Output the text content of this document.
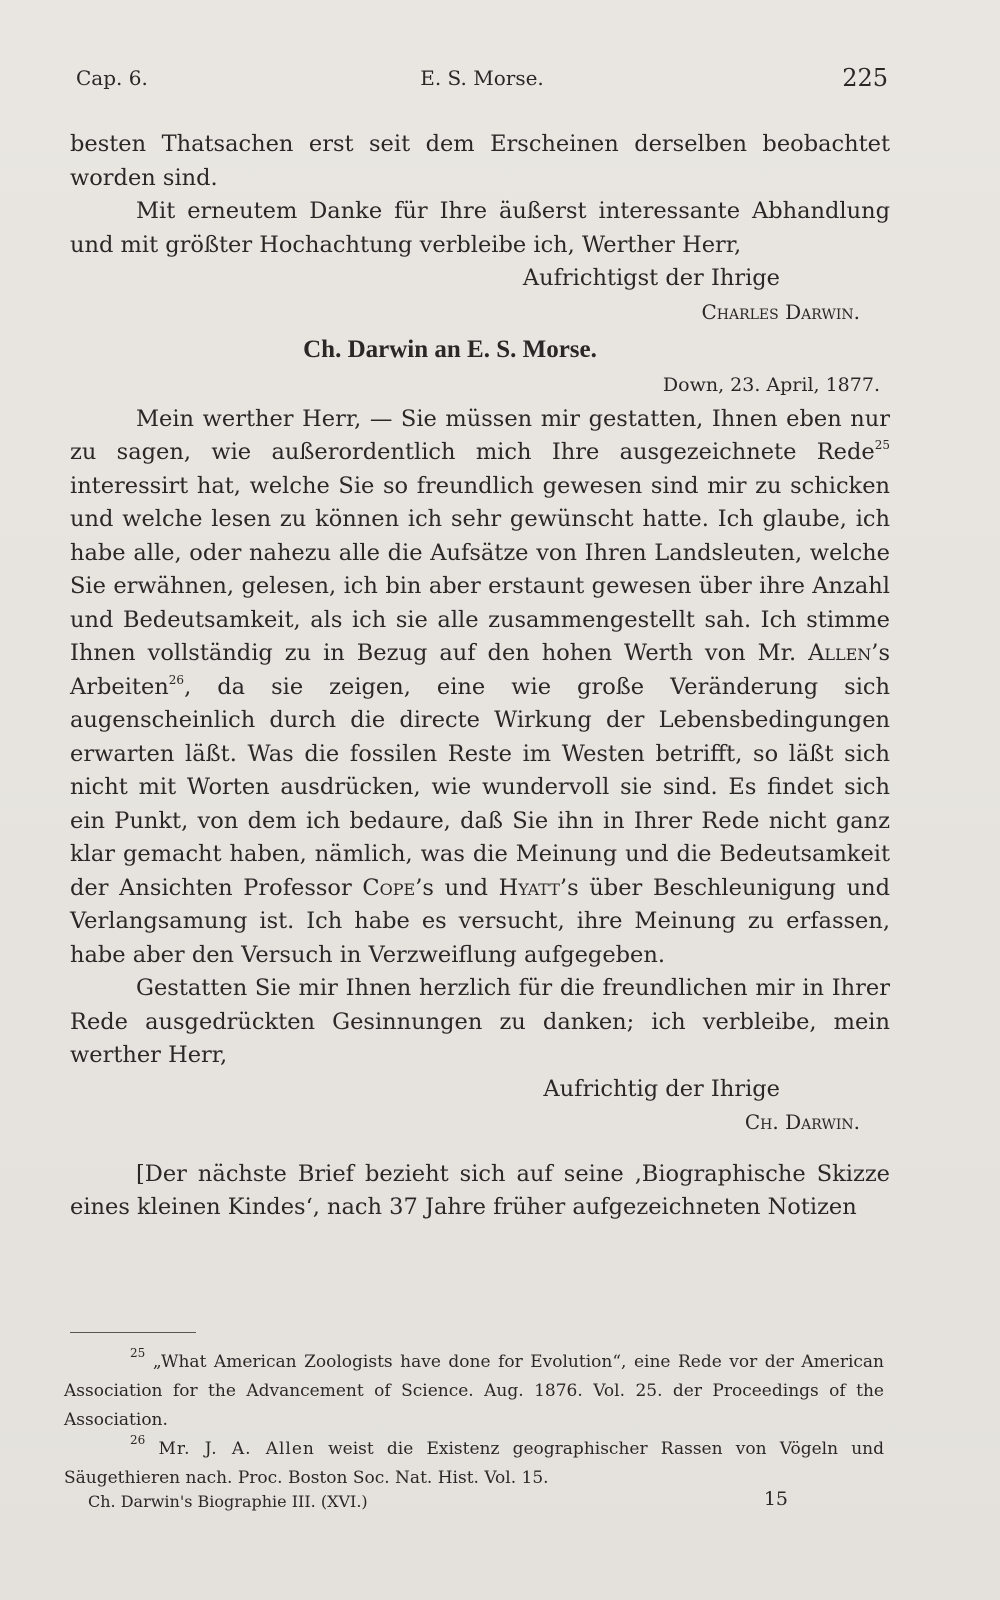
Cap. 6.	E. S. Morse.	225

besten Thatsachen erst seit dem Erscheinen derselben beobachtet worden sind.

Mit erneutem Danke für Ihre äußerst interessante Abhandlung und mit größter Hochachtung verbleibe ich, Werther Herr,

Aufrichtigst der Ihrige

Charles Darwin.

Ch. Darwin an E. S. Morse.

Down, 23. April, 1877.

Mein werther Herr, — Sie müssen mir gestatten, Ihnen eben nur zu sagen, wie außerordentlich mich Ihre ausgezeichnete Rede$^{25}$ interessirt hat, welche Sie so freundlich gewesen sind mir zu schicken und welche lesen zu können ich sehr gewünscht hatte. Ich glaube, ich habe alle, oder nahezu alle die Aufsätze von Ihren Landsleuten, welche Sie erwähnen, gelesen, ich bin aber erstaunt gewesen über ihre Anzahl und Bedeutsamkeit, als ich sie alle zusammengestellt sah. Ich stimme Ihnen vollständig zu in Bezug auf den hohen Werth von Mr. Allen’s Arbeiten$^{26}$, da sie zeigen, eine wie große Veränderung sich augenscheinlich durch die directe Wirkung der Lebensbedingungen erwarten läßt. Was die fossilen Reste im Westen betrifft, so läßt sich nicht mit Worten ausdrücken, wie wundervoll sie sind. Es findet sich ein Punkt, von dem ich bedaure, daß Sie ihn in Ihrer Rede nicht ganz klar gemacht haben, nämlich, was die Meinung und die Bedeutsamkeit der Ansichten Professor Cope’s und Hyatt’s über Beschleunigung und Verlangsamung ist. Ich habe es versucht, ihre Meinung zu erfassen, habe aber den Versuch in Verzweiflung aufgegeben.

Gestatten Sie mir Ihnen herzlich für die freundlichen mir in Ihrer Rede ausgedrückten Gesinnungen zu danken; ich verbleibe, mein werther Herr,

Aufrichtig der Ihrige

Ch. Darwin.

[Der nächste Brief bezieht sich auf seine ‚Biographische Skizze eines kleinen Kindes‘, nach 37 Jahre früher aufgezeichneten Notizen

$^{25}$ „What American Zoologists have done for Evolution“, eine Rede vor der American Association for the Advancement of Science. Aug. 1876. Vol. 25. der Proceedings of the Association.

$^{26}$ Mr. J. A. Allen weist die Existenz geographischer Rassen von Vögeln und Säugethieren nach. Proc. Boston Soc. Nat. Hist. Vol. 15.

Ch. Darwin's Biographie III. (XVI.)	15
